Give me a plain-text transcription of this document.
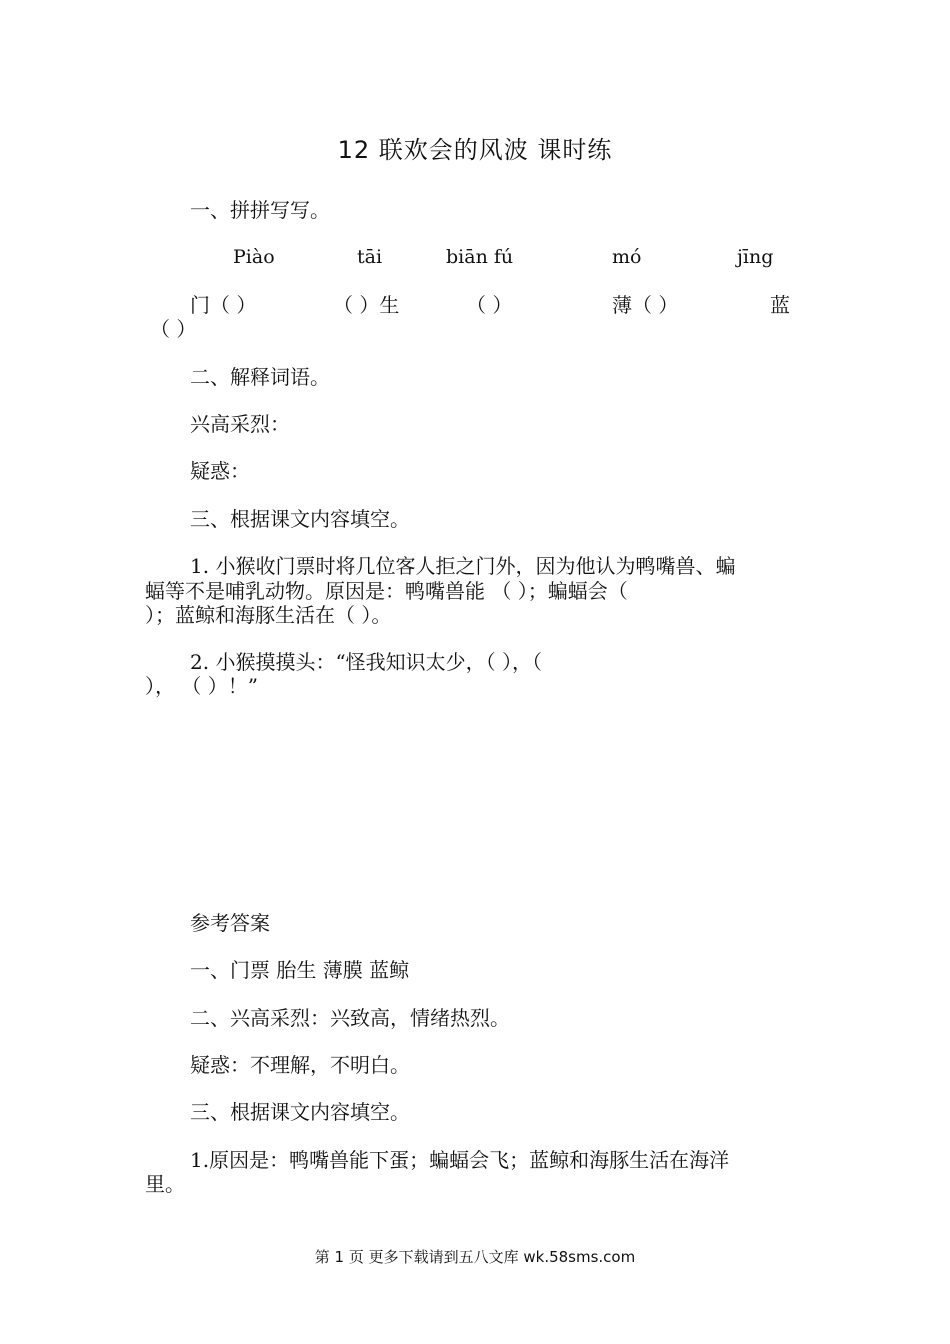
12 联欢会的风波 课时练
一、拼拼写写。
Piào	tāi	biān fú	mó	jīng
门（ ）	（ ）生	（ ）	薄（ ）	蓝
（ ）
二、解释词语。
兴高采烈：
疑惑：
三、根据课文内容填空。
1. 小猴收门票时将几位客人拒之门外，因为他认为鸭嘴兽、蝙
蝠等不是哺乳动物。原因是：鸭嘴兽能 （ ）；蝙蝠会（
）；蓝鲸和海豚生活在（ ）。
2. 小猴摸摸头：“怪我知识太少，（ ），（
）， （ ）！”
参考答案
一、门票 胎生 薄膜 蓝鲸
二、兴高采烈：兴致高，情绪热烈。
疑惑：不理解，不明白。
三、根据课文内容填空。
1.原因是：鸭嘴兽能下蛋；蝙蝠会飞；蓝鲸和海豚生活在海洋
里。
第 1 页 更多下载请到五八文库 wk.58sms.com
